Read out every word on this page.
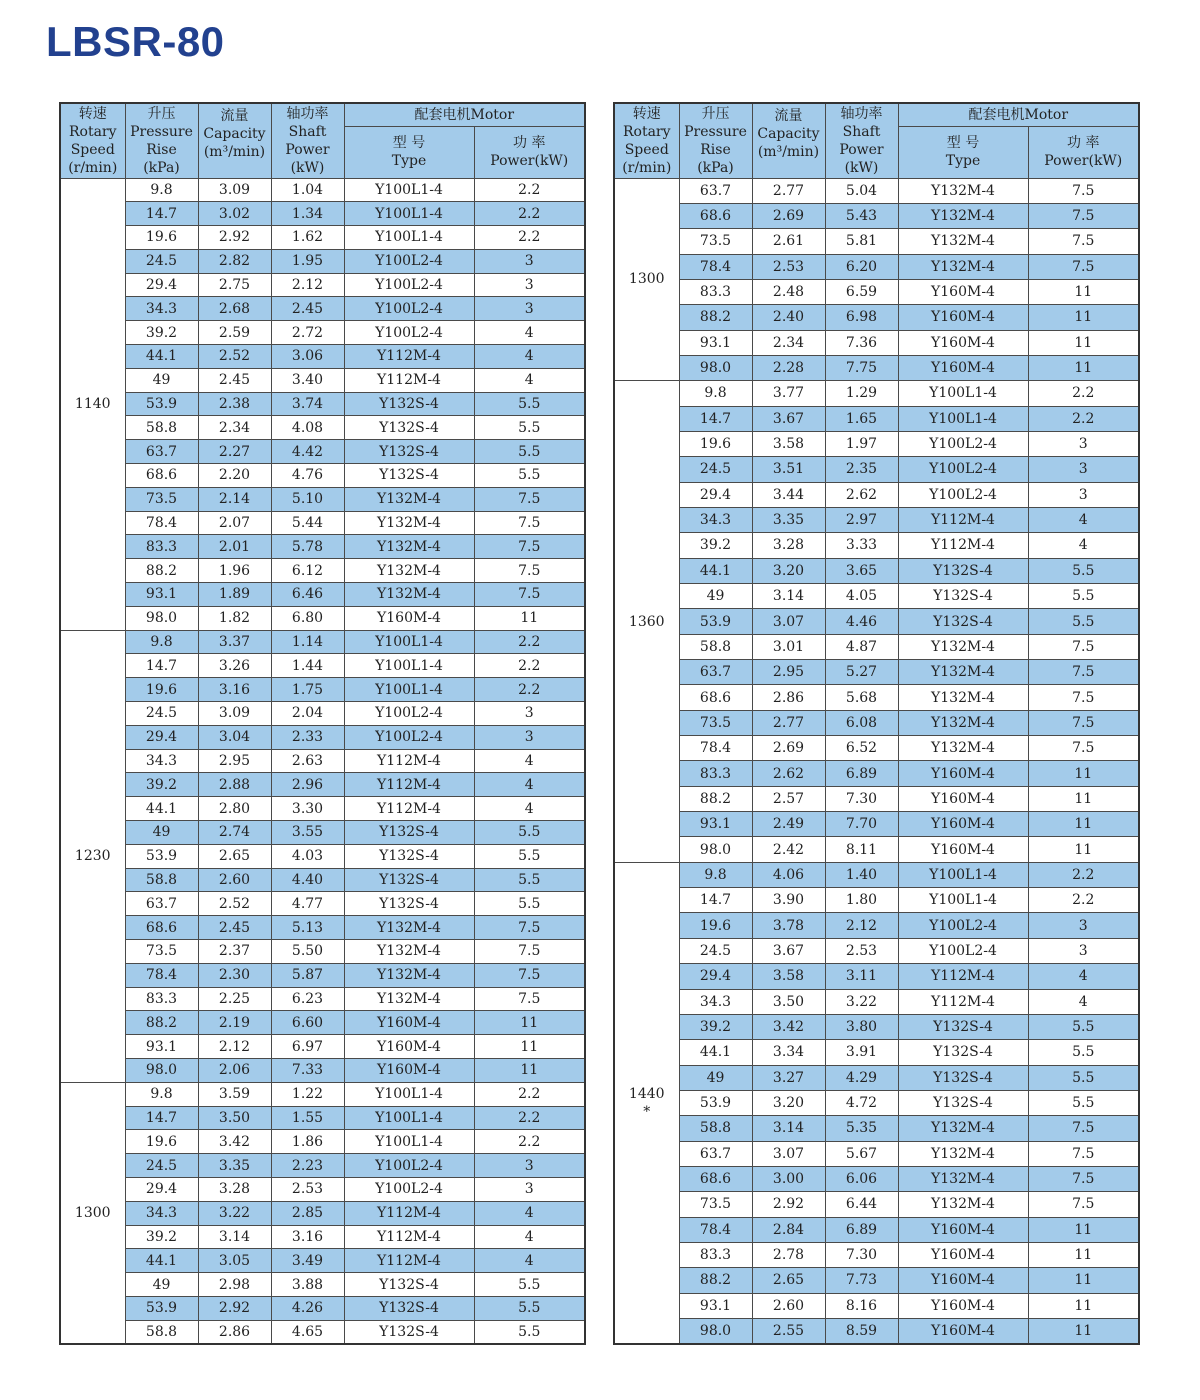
LBSR-80
转速
Rotary
Speed
(r/min)	升压
Pressure
Rise
(kPa)	流量
Capacity
(m³/min)	轴功率
Shaft
Power
(kW)	配套电机Motor	

				型 号
Type	功 率
Power(kW)

1140	9.8	3.09	1.04	Y100L1-4	2.2
	14.7	3.02	1.34	Y100L1-4	2.2
	19.6	2.92	1.62	Y100L1-4	2.2
	24.5	2.82	1.95	Y100L2-4	3
	29.4	2.75	2.12	Y100L2-4	3
	34.3	2.68	2.45	Y100L2-4	3
	39.2	2.59	2.72	Y100L2-4	4
	44.1	2.52	3.06	Y112M-4	4
	49	2.45	3.40	Y112M-4	4
	53.9	2.38	3.74	Y132S-4	5.5
	58.8	2.34	4.08	Y132S-4	5.5
	63.7	2.27	4.42	Y132S-4	5.5
	68.6	2.20	4.76	Y132S-4	5.5
	73.5	2.14	5.10	Y132M-4	7.5
	78.4	2.07	5.44	Y132M-4	7.5
	83.3	2.01	5.78	Y132M-4	7.5
	88.2	1.96	6.12	Y132M-4	7.5
	93.1	1.89	6.46	Y132M-4	7.5
	98.0	1.82	6.80	Y160M-4	11

1230	9.8	3.37	1.14	Y100L1-4	2.2
	14.7	3.26	1.44	Y100L1-4	2.2
	19.6	3.16	1.75	Y100L1-4	2.2
	24.5	3.09	2.04	Y100L2-4	3
	29.4	3.04	2.33	Y100L2-4	3
	34.3	2.95	2.63	Y112M-4	4
	39.2	2.88	2.96	Y112M-4	4
	44.1	2.80	3.30	Y112M-4	4
	49	2.74	3.55	Y132S-4	5.5
	53.9	2.65	4.03	Y132S-4	5.5
	58.8	2.60	4.40	Y132S-4	5.5
	63.7	2.52	4.77	Y132S-4	5.5
	68.6	2.45	5.13	Y132M-4	7.5
	73.5	2.37	5.50	Y132M-4	7.5
	78.4	2.30	5.87	Y132M-4	7.5
	83.3	2.25	6.23	Y132M-4	7.5
	88.2	2.19	6.60	Y160M-4	11
	93.1	2.12	6.97	Y160M-4	11
	98.0	2.06	7.33	Y160M-4	11

1300	9.8	3.59	1.22	Y100L1-4	2.2
	14.7	3.50	1.55	Y100L1-4	2.2
	19.6	3.42	1.86	Y100L1-4	2.2
	24.5	3.35	2.23	Y100L2-4	3
	29.4	3.28	2.53	Y100L2-4	3
	34.3	3.22	2.85	Y112M-4	4
	39.2	3.14	3.16	Y112M-4	4
	44.1	3.05	3.49	Y112M-4	4
	49	2.98	3.88	Y132S-4	5.5
	53.9	2.92	4.26	Y132S-4	5.5
	58.8	2.86	4.65	Y132S-4	5.5
转速
Rotary
Speed
(r/min)	升压
Pressure
Rise
(kPa)	流量
Capacity
(m³/min)	轴功率
Shaft
Power
(kW)	配套电机Motor	

				型 号
Type	功 率
Power(kW)

1300	63.7	2.77	5.04	Y132M-4	7.5
	68.6	2.69	5.43	Y132M-4	7.5
	73.5	2.61	5.81	Y132M-4	7.5
	78.4	2.53	6.20	Y132M-4	7.5
	83.3	2.48	6.59	Y160M-4	11
	88.2	2.40	6.98	Y160M-4	11
	93.1	2.34	7.36	Y160M-4	11
	98.0	2.28	7.75	Y160M-4	11

1360	9.8	3.77	1.29	Y100L1-4	2.2
	14.7	3.67	1.65	Y100L1-4	2.2
	19.6	3.58	1.97	Y100L2-4	3
	24.5	3.51	2.35	Y100L2-4	3
	29.4	3.44	2.62	Y100L2-4	3
	34.3	3.35	2.97	Y112M-4	4
	39.2	3.28	3.33	Y112M-4	4
	44.1	3.20	3.65	Y132S-4	5.5
	49	3.14	4.05	Y132S-4	5.5
	53.9	3.07	4.46	Y132S-4	5.5
	58.8	3.01	4.87	Y132M-4	7.5
	63.7	2.95	5.27	Y132M-4	7.5
	68.6	2.86	5.68	Y132M-4	7.5
	73.5	2.77	6.08	Y132M-4	7.5
	78.4	2.69	6.52	Y132M-4	7.5
	83.3	2.62	6.89	Y160M-4	11
	88.2	2.57	7.30	Y160M-4	11
	93.1	2.49	7.70	Y160M-4	11
	98.0	2.42	8.11	Y160M-4	11

1440
*	9.8	4.06	1.40	Y100L1-4	2.2
	14.7	3.90	1.80	Y100L1-4	2.2
	19.6	3.78	2.12	Y100L2-4	3
	24.5	3.67	2.53	Y100L2-4	3
	29.4	3.58	3.11	Y112M-4	4
	34.3	3.50	3.22	Y112M-4	4
	39.2	3.42	3.80	Y132S-4	5.5
	44.1	3.34	3.91	Y132S-4	5.5
	49	3.27	4.29	Y132S-4	5.5
	53.9	3.20	4.72	Y132S-4	5.5
	58.8	3.14	5.35	Y132M-4	7.5
	63.7	3.07	5.67	Y132M-4	7.5
	68.6	3.00	6.06	Y132M-4	7.5
	73.5	2.92	6.44	Y132M-4	7.5
	78.4	2.84	6.89	Y160M-4	11
	83.3	2.78	7.30	Y160M-4	11
	88.2	2.65	7.73	Y160M-4	11
	93.1	2.60	8.16	Y160M-4	11
	98.0	2.55	8.59	Y160M-4	11
